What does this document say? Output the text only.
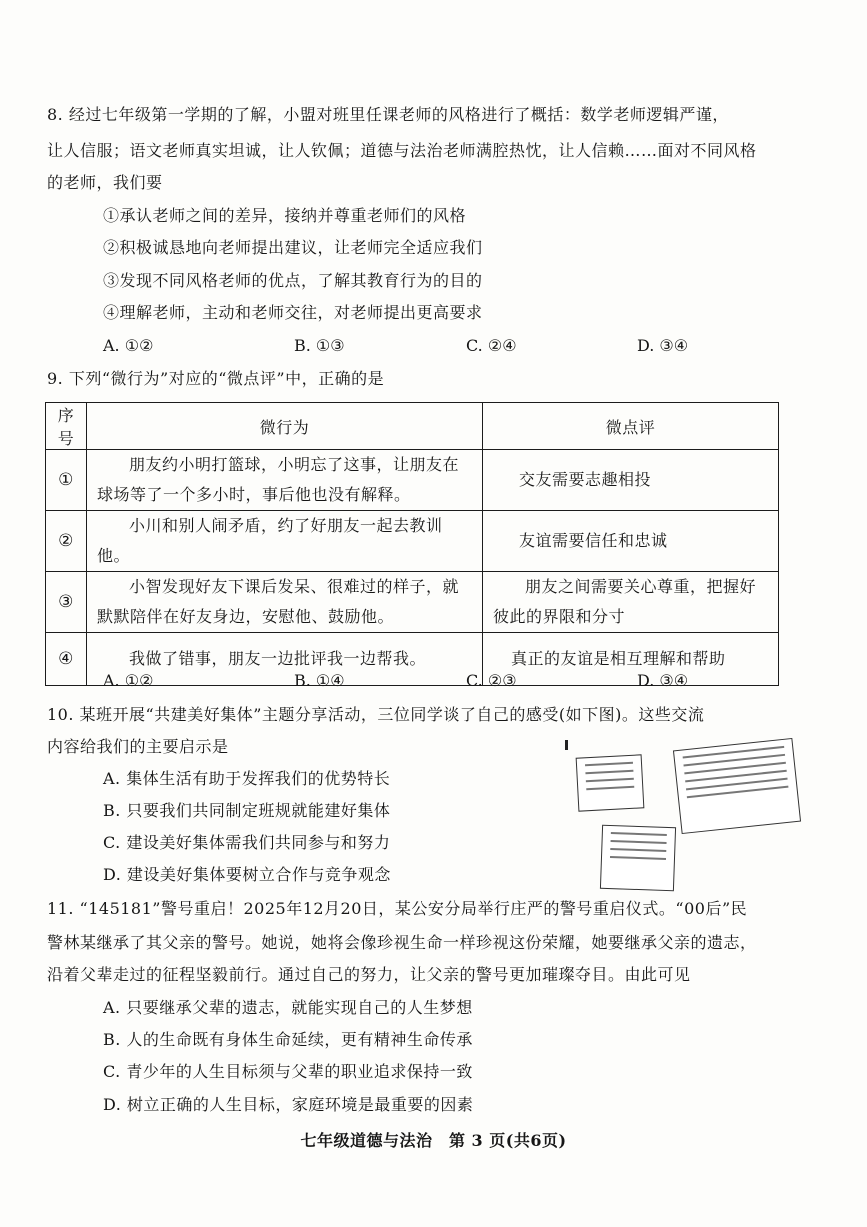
8. 经过七年级第一学期的了解，小盟对班里任课老师的风格进行了概括：数学老师逻辑严谨，
让人信服；语文老师真实坦诚，让人钦佩；道德与法治老师满腔热忱，让人信赖……面对不同风格
的老师，我们要
①承认老师之间的差异，接纳并尊重老师们的风格
②积极诚恳地向老师提出建议，让老师完全适应我们
③发现不同风格老师的优点，了解其教育行为的目的
④理解老师，主动和老师交往，对老师提出更高要求
A. ①②	B. ①③	C. ②④	D. ③④
9. 下列“微行为”对应的“微点评”中，正确的是
序号	微行为	微点评
①	朋友约小明打篮球，小明忘了这事，让朋友在球场等了一个多小时，事后他也没有解释。	交友需要志趣相投
②	小川和别人闹矛盾，约了好朋友一起去教训他。	友谊需要信任和忠诚
③	小智发现好友下课后发呆、很难过的样子，就默默陪伴在好友身边，安慰他、鼓励他。	朋友之间需要关心尊重，把握好彼此的界限和分寸
④	我做了错事，朋友一边批评我一边帮我。	真正的友谊是相互理解和帮助
A. ①②	B. ①④	C. ②③	D. ③④
10. 某班开展“共建美好集体”主题分享活动，三位同学谈了自己的感受(如下图)。这些交流
内容给我们的主要启示是
A. 集体生活有助于发挥我们的优势特长
B. 只要我们共同制定班规就能建好集体
C. 建设美好集体需我们共同参与和努力
D. 建设美好集体要树立合作与竞争观念
11. “145181”警号重启！2025年12月20日，某公安分局举行庄严的警号重启仪式。“00后”民
警林某继承了其父亲的警号。她说，她将会像珍视生命一样珍视这份荣耀，她要继承父亲的遗志，
沿着父辈走过的征程坚毅前行。通过自己的努力，让父亲的警号更加璀璨夺目。由此可见
A. 只要继承父辈的遗志，就能实现自己的人生梦想
B. 人的生命既有身体生命延续，更有精神生命传承
C. 青少年的人生目标须与父辈的职业追求保持一致
D. 树立正确的人生目标，家庭环境是最重要的因素
七年级道德与法治　第 3 页(共6页)
